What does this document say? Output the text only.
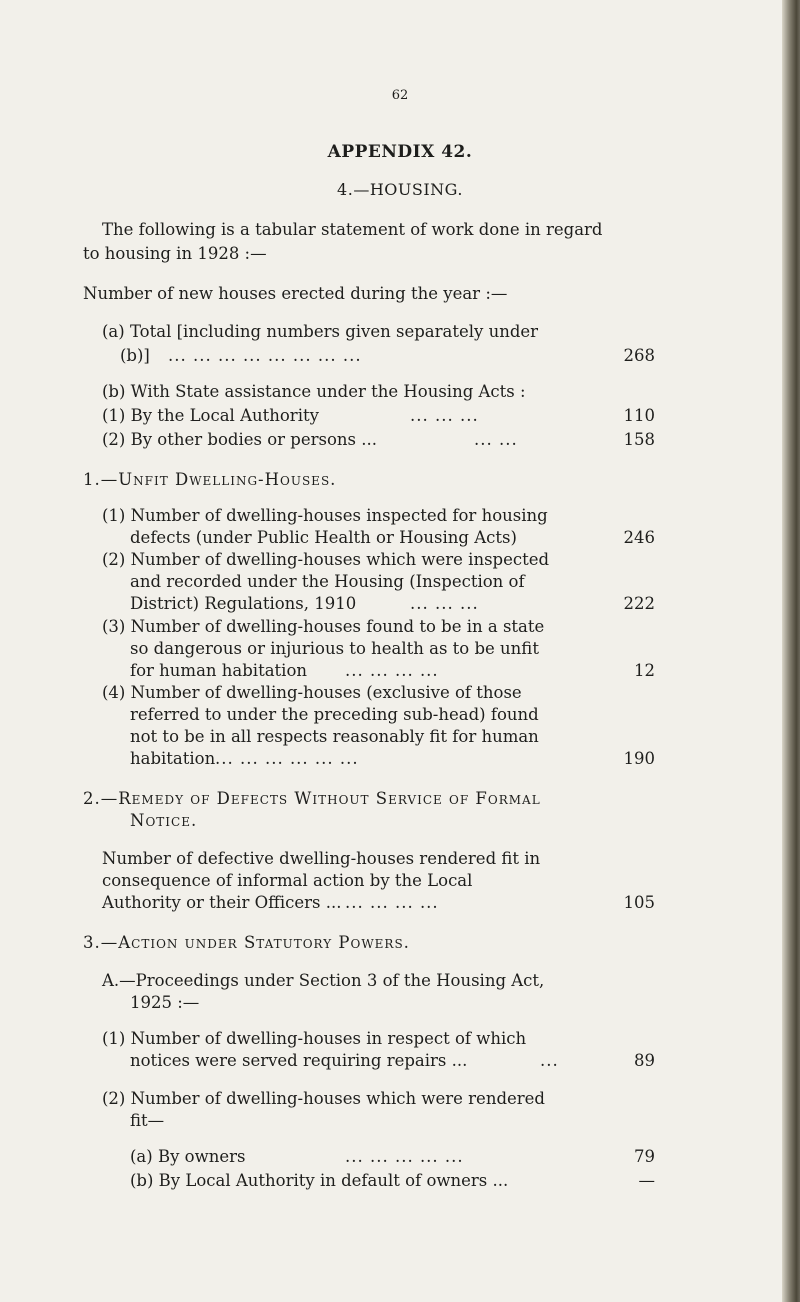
62
APPENDIX 42.
4.—HOUSING.
The following is a tabular statement of work done in regard
to housing in 1928 :—
Number of new houses erected during the year :—
(a) Total [including numbers given separately under
(b)] ... ... ... ... ... ... ... ...	268
(b) With State assistance under the Housing Acts :
(1) By the Local Authority	... ... ...	110
(2) By other bodies or persons ...	... ...	158
1.—Unfit Dwelling-Houses.
(1) Number of dwelling-houses inspected for housing
defects (under Public Health or Housing Acts)	246
(2) Number of dwelling-houses which were inspected
and recorded under the Housing (Inspection of
District) Regulations, 1910	... ... ...	222
(3) Number of dwelling-houses found to be in a state
so dangerous or injurious to health as to be unfit
for human habitation ... ... ... ...	12
(4) Number of dwelling-houses (exclusive of those
referred to under the preceding sub-head) found
not to be in all respects reasonably fit for human
habitation ... ... ... ... ... ...	190
2.—Remedy of Defects Without Service of Formal
Notice.
Number of defective dwelling-houses rendered fit in
consequence of informal action by the Local
Authority or their Officers ... ... ... ... ...	105
3.—Action under Statutory Powers.
A.—Proceedings under Section 3 of the Housing Act,
1925 :—
(1) Number of dwelling-houses in respect of which
notices were served requiring repairs ...	...	89
(2) Number of dwelling-houses which were rendered
fit—
(a) By owners	... ... ... ... ...	79
(b) By Local Authority in default of owners ...	—
